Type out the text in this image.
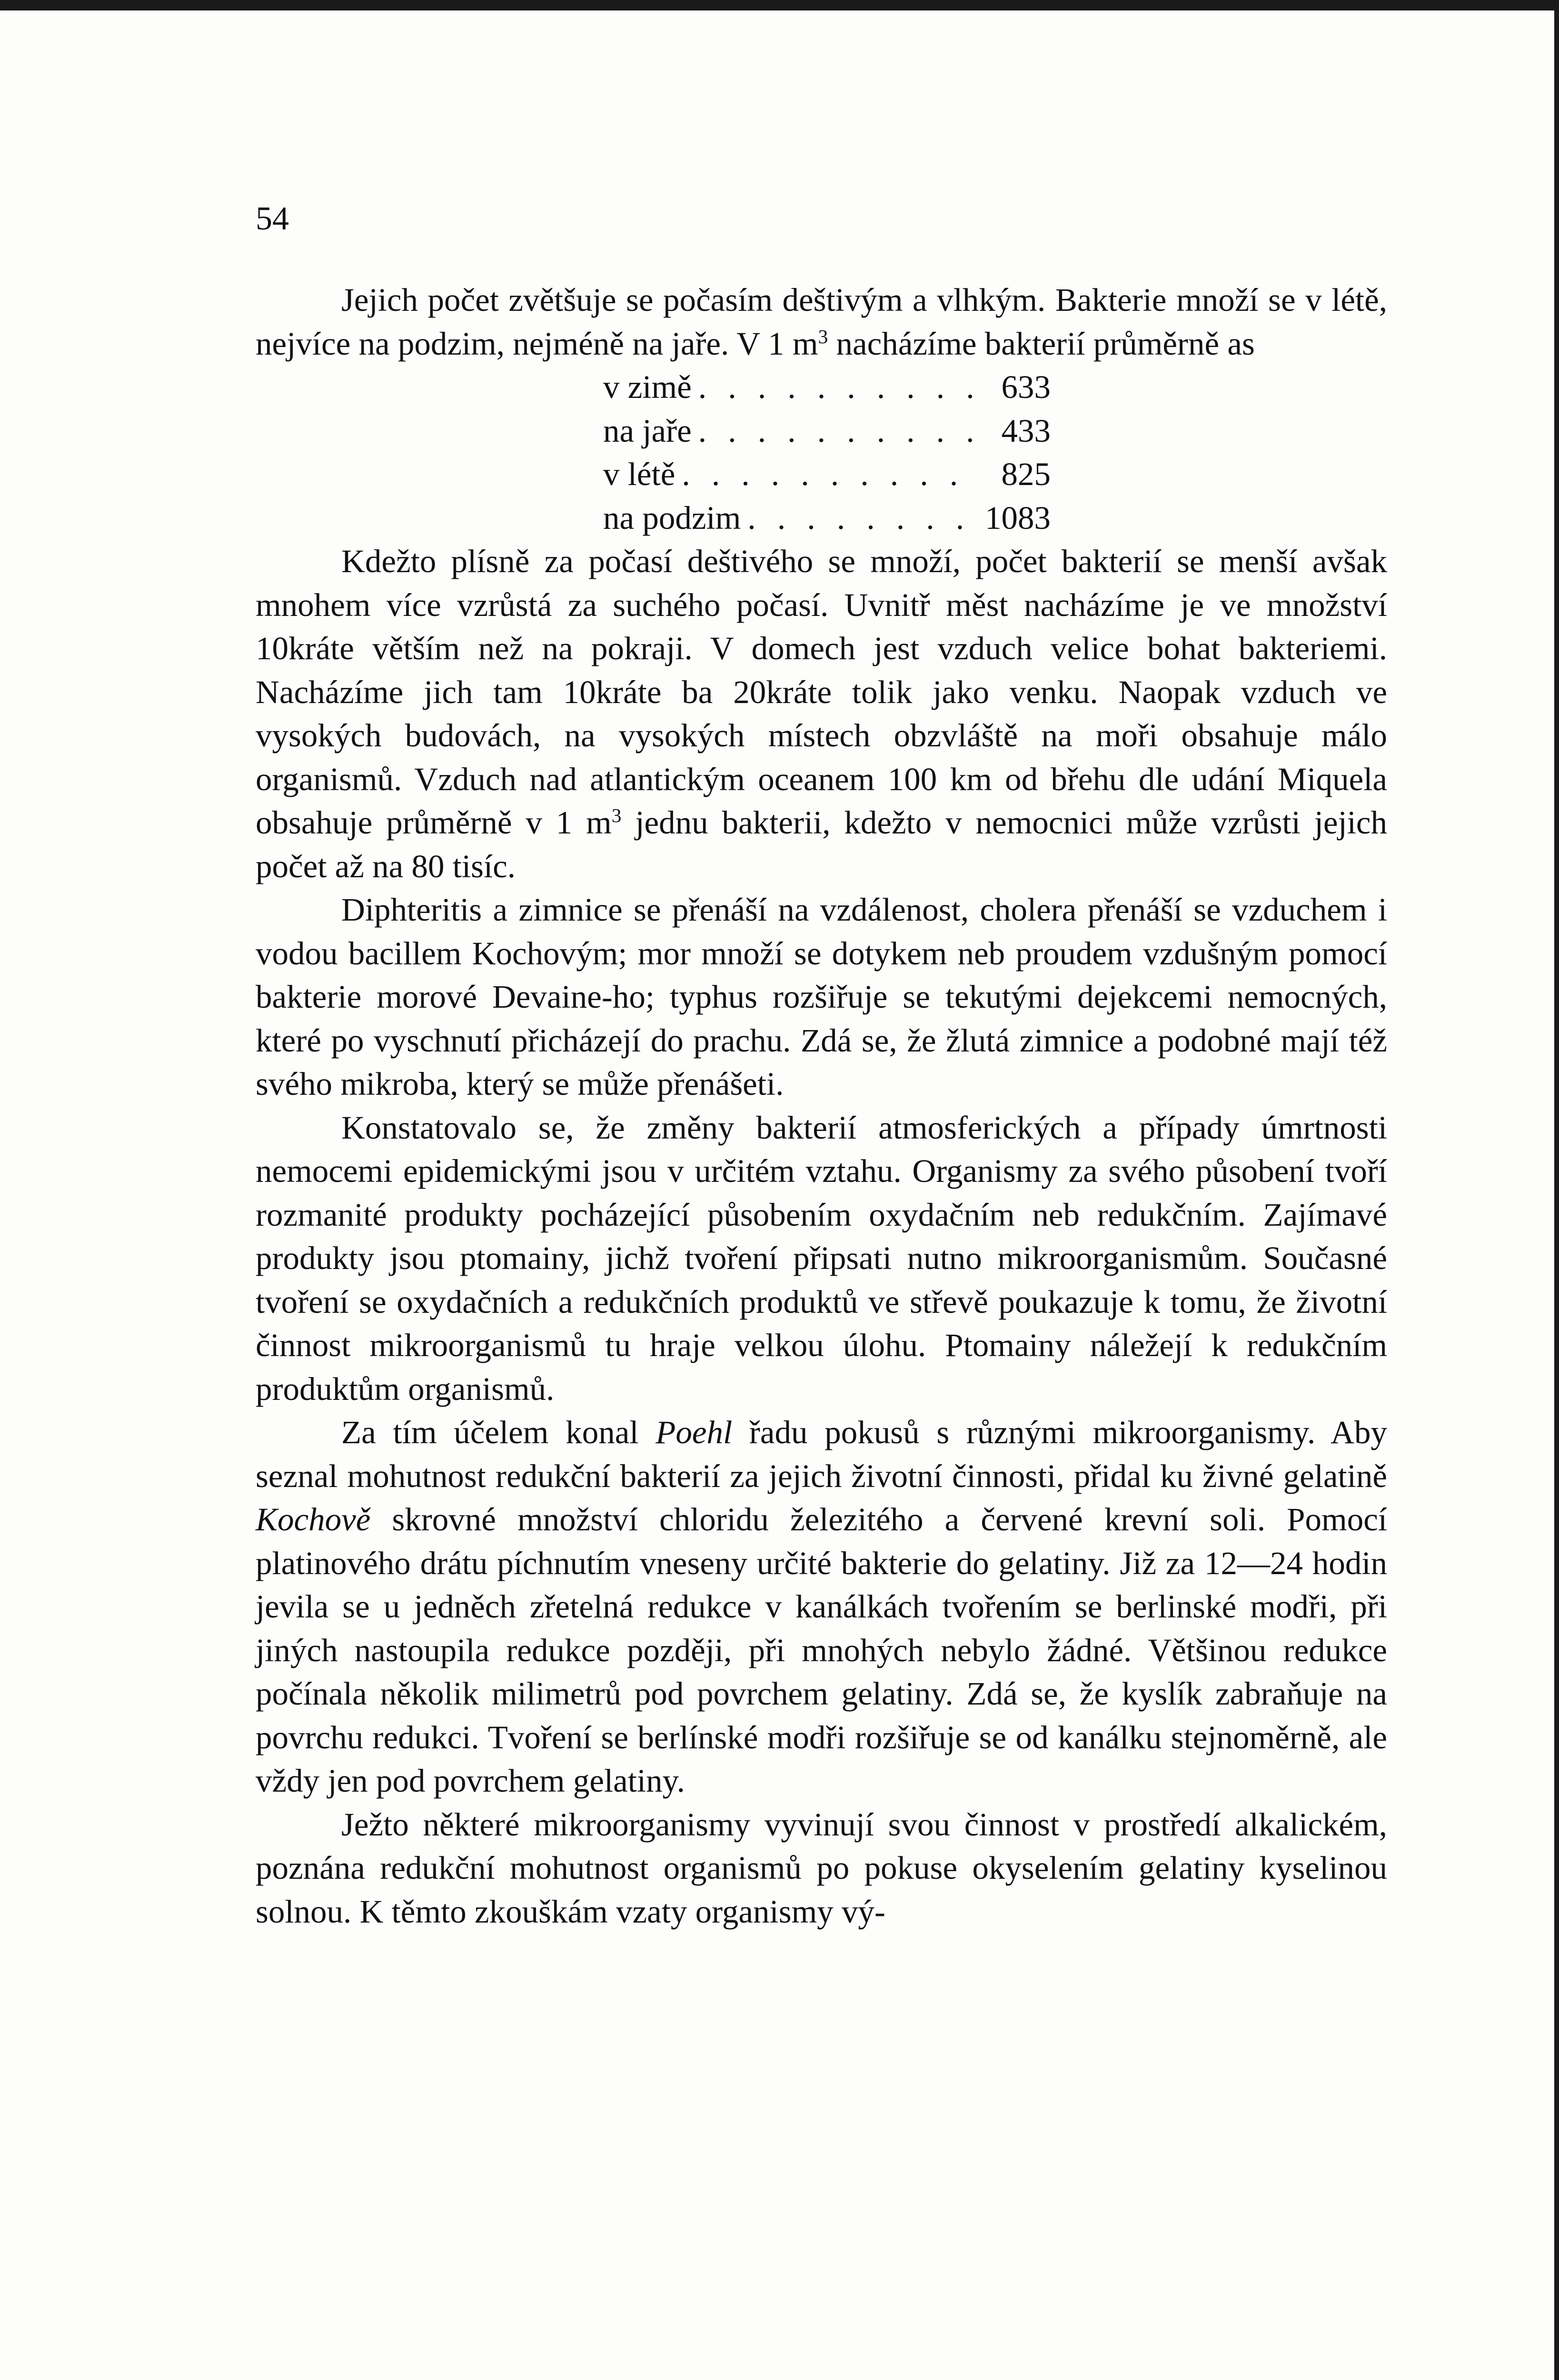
54

Jejich počet zvětšuje se počasím deštivým a vlhkým. Bakterie množí se v létě, nejvíce na podzim, nejméně na jaře. V 1 $m^3$ nacházíme bakterií průměrně as

v zimě . . .	633
na jaře . . .	433
v létě . . .	825
na podzim . . .	1083

Kdežto plísně za počasí deštivého se množí, počet bakterií se menší avšak mnohem více vzrůstá za suchého počasí. Uvnitř měst nacházíme je ve množství 10kráte větším než na pokraji. V domech jest vzduch velice bohat bakteriemi. Nacházíme jich tam 10kráte ba 20kráte tolik jako venku. Naopak vzduch ve vysokých budovách, na vysokých místech obzvláště na moři obsahuje málo organismů. Vzduch nad atlantickým oceanem 100 km od břehu dle udání Miquela obsahuje průměrně v 1 $m^3$ jednu bakterii, kdežto v nemocnici může vzrůsti jejich počet až na 80 tisíc.

Diphteritis a zimnice se přenáší na vzdálenost, cholera přenáší se vzduchem i vodou bacillem Kochovým; mor množí se dotykem neb proudem vzdušným pomocí bakterie morové Devaine-ho; typhus rozšiřuje se tekutými dejekcemi nemocných, které po vyschnutí přicházejí do prachu. Zdá se, že žlutá zimnice a podobné mají též svého mikroba, který se může přenášeti.

Konstatovalo se, že změny bakterií atmosferických a případy úmrtnosti nemocemi epidemickými jsou v určitém vztahu. Organismy za svého působení tvoří rozmanité produkty pocházející působením oxydačním neb redukčním. Zajímavé produkty jsou ptomainy, jichž tvoření připsati nutno mikroorganismům. Současné tvoření se oxydačních a redukčních produktů ve střevě poukazuje k tomu, že životní činnost mikroorganismů tu hraje velkou úlohu. Ptomainy náležejí k redukčním produktům organismů.

Za tím účelem konal Poehl řadu pokusů s různými mikroorganismy. Aby seznal mohutnost redukční bakterií za jejich životní činnosti, přidal ku živné gelatině Kochově skrovné množství chloridu železitého a červené krevní soli. Pomocí platinového drátu píchnutím vneseny určité bakterie do gelatiny. Již za 12—24 hodin jevila se u jedněch zřetelná redukce v kanálkách tvořením se berlinské modři, při jiných nastoupila redukce později, při mnohých nebylo žádné. Většinou redukce počínala několik milimetrů pod povrchem gelatiny. Zdá se, že kyslík zabraňuje na povrchu redukci. Tvoření se berlínské modři rozšiřuje se od kanálku stejnoměrně, ale vždy jen pod povrchem gelatiny.

Ježto některé mikroorganismy vyvinují svou činnost v prostředí alkalickém, poznána redukční mohutnost organismů po pokuse okyselením gelatiny kyselinou solnou. K těmto zkouškám vzaty organismy vý-
